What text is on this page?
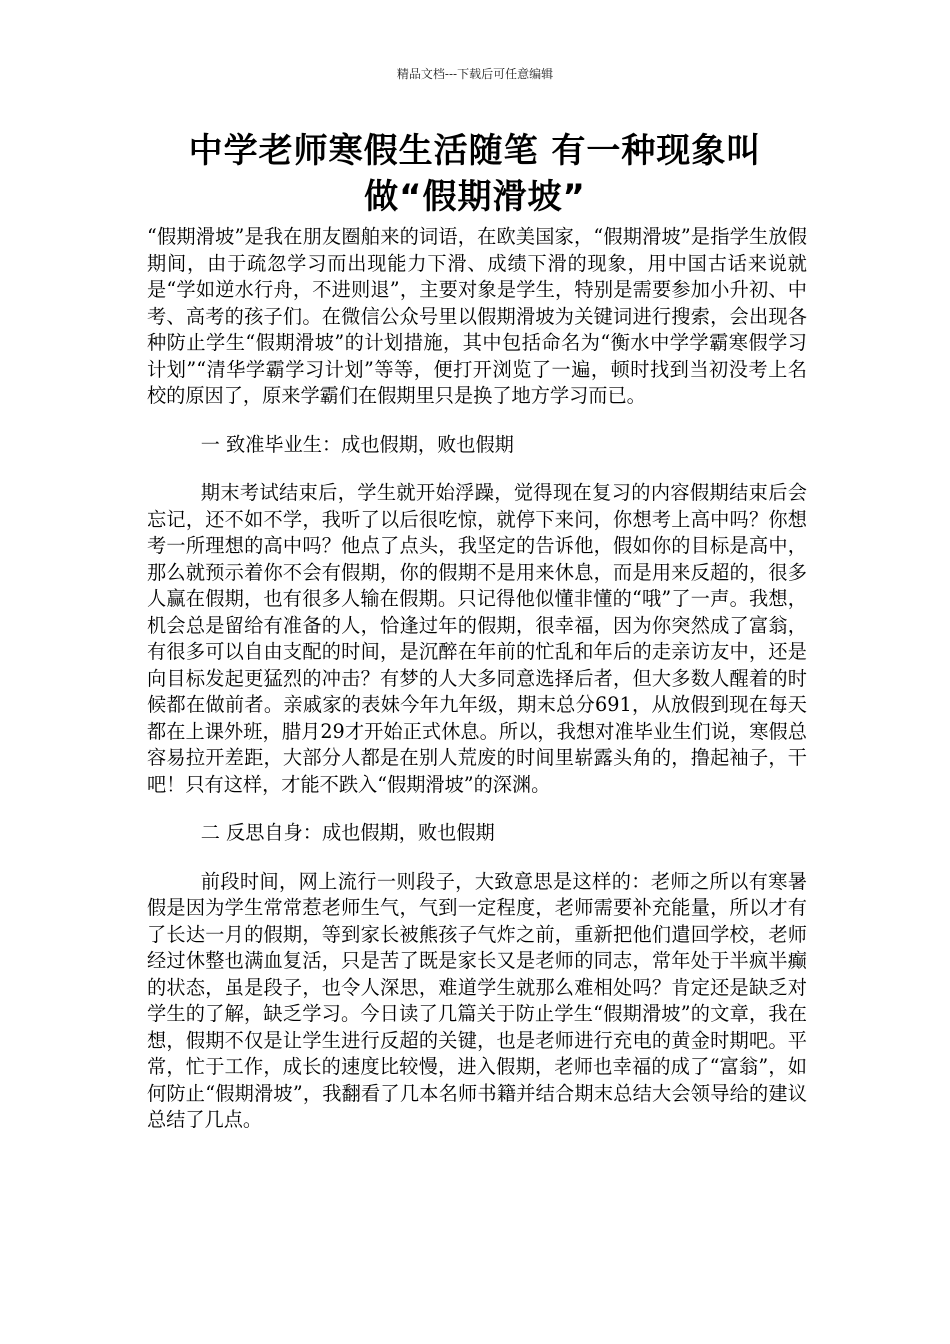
精品文档---下载后可任意编辑
中学老师寒假生活随笔 有一种现象叫
做“假期滑坡”

“假期滑坡”是我在朋友圈舶来的词语，在欧美国家，“假期滑坡”是指学生放假期间，由于疏忽学习而出现能力下滑、成绩下滑的现象，用中国古话来说就是“学如逆水行舟，不进则退”，主要对象是学生，特别是需要参加小升初、中考、高考的孩子们。在微信公众号里以假期滑坡为关键词进行搜索，会出现各种防止学生“假期滑坡”的计划措施，其中包括命名为“衡水中学学霸寒假学习计划”“清华学霸学习计划”等等，便打开浏览了一遍，顿时找到当初没考上名校的原因了，原来学霸们在假期里只是换了地方学习而已。

一 致准毕业生：成也假期，败也假期

期末考试结束后，学生就开始浮躁，觉得现在复习的内容假期结束后会忘记，还不如不学，我听了以后很吃惊，就停下来问，你想考上高中吗？你想考一所理想的高中吗？他点了点头，我坚定的告诉他，假如你的目标是高中，那么就预示着你不会有假期，你的假期不是用来休息，而是用来反超的，很多人赢在假期，也有很多人输在假期。只记得他似懂非懂的“哦”了一声。我想，机会总是留给有准备的人，恰逢过年的假期，很幸福，因为你突然成了富翁，有很多可以自由支配的时间，是沉醉在年前的忙乱和年后的走亲访友中，还是向目标发起更猛烈的冲击？有梦的人大多同意选择后者，但大多数人醒着的时候都在做前者。亲戚家的表妹今年九年级，期末总分691，从放假到现在每天都在上课外班，腊月29才开始正式休息。所以，我想对准毕业生们说，寒假总容易拉开差距，大部分人都是在别人荒废的时间里崭露头角的，撸起袖子，干吧！只有这样，才能不跌入“假期滑坡”的深渊。

二 反思自身：成也假期，败也假期

前段时间，网上流行一则段子，大致意思是这样的：老师之所以有寒暑假是因为学生常常惹老师生气，气到一定程度，老师需要补充能量，所以才有了长达一月的假期，等到家长被熊孩子气炸之前，重新把他们遣回学校，老师经过休整也满血复活，只是苦了既是家长又是老师的同志，常年处于半疯半癫的状态，虽是段子，也令人深思，难道学生就那么难相处吗？肯定还是缺乏对学生的了解，缺乏学习。今日读了几篇关于防止学生“假期滑坡”的文章，我在想，假期不仅是让学生进行反超的关键，也是老师进行充电的黄金时期吧。平常，忙于工作，成长的速度比较慢，进入假期，老师也幸福的成了“富翁”，如何防止“假期滑坡”，我翻看了几本名师书籍并结合期末总结大会领导给的建议总结了几点。
